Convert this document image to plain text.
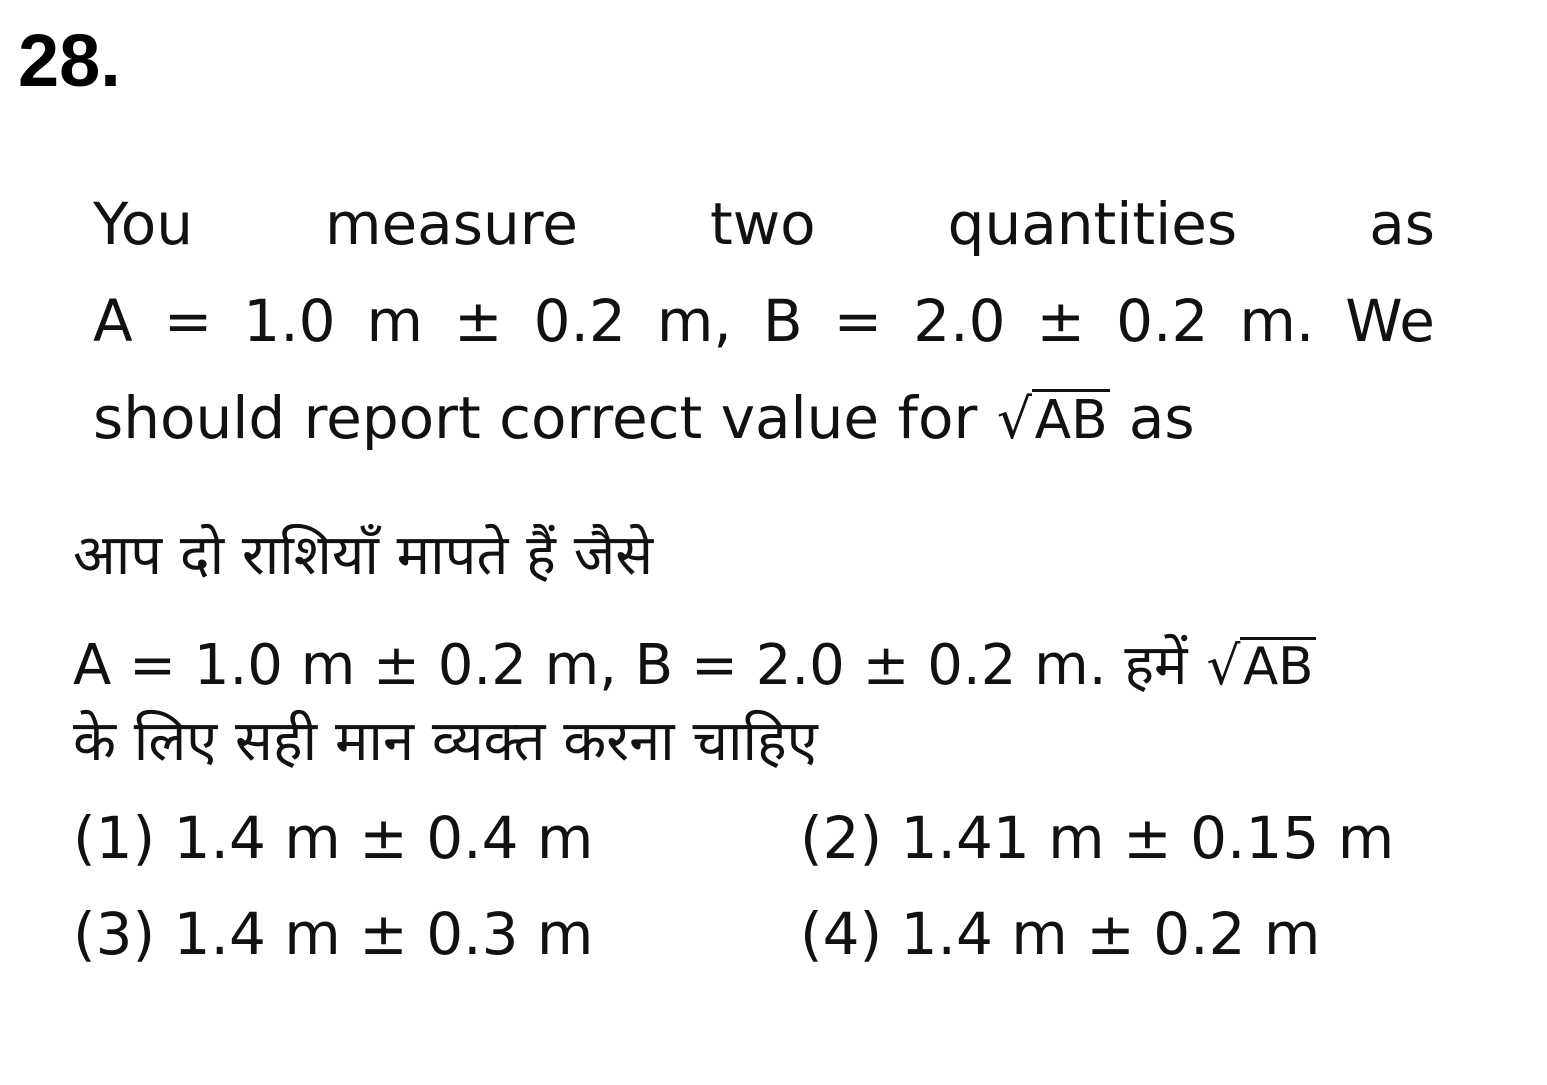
28.
You measure two quantities as
A = 1.0 m ± 0.2 m, B = 2.0 ± 0.2 m. We
should report correct value for √AB as
आप दो राशियाँ मापते हैं जैसे
A = 1.0 m ± 0.2 m, B = 2.0 ± 0.2 m. हमें √AB
के लिए सही मान व्यक्त करना चाहिए
(1) 1.4 m ± 0.4 m	(2) 1.41 m ± 0.15 m
(3) 1.4 m ± 0.3 m	(4) 1.4 m ± 0.2 m
